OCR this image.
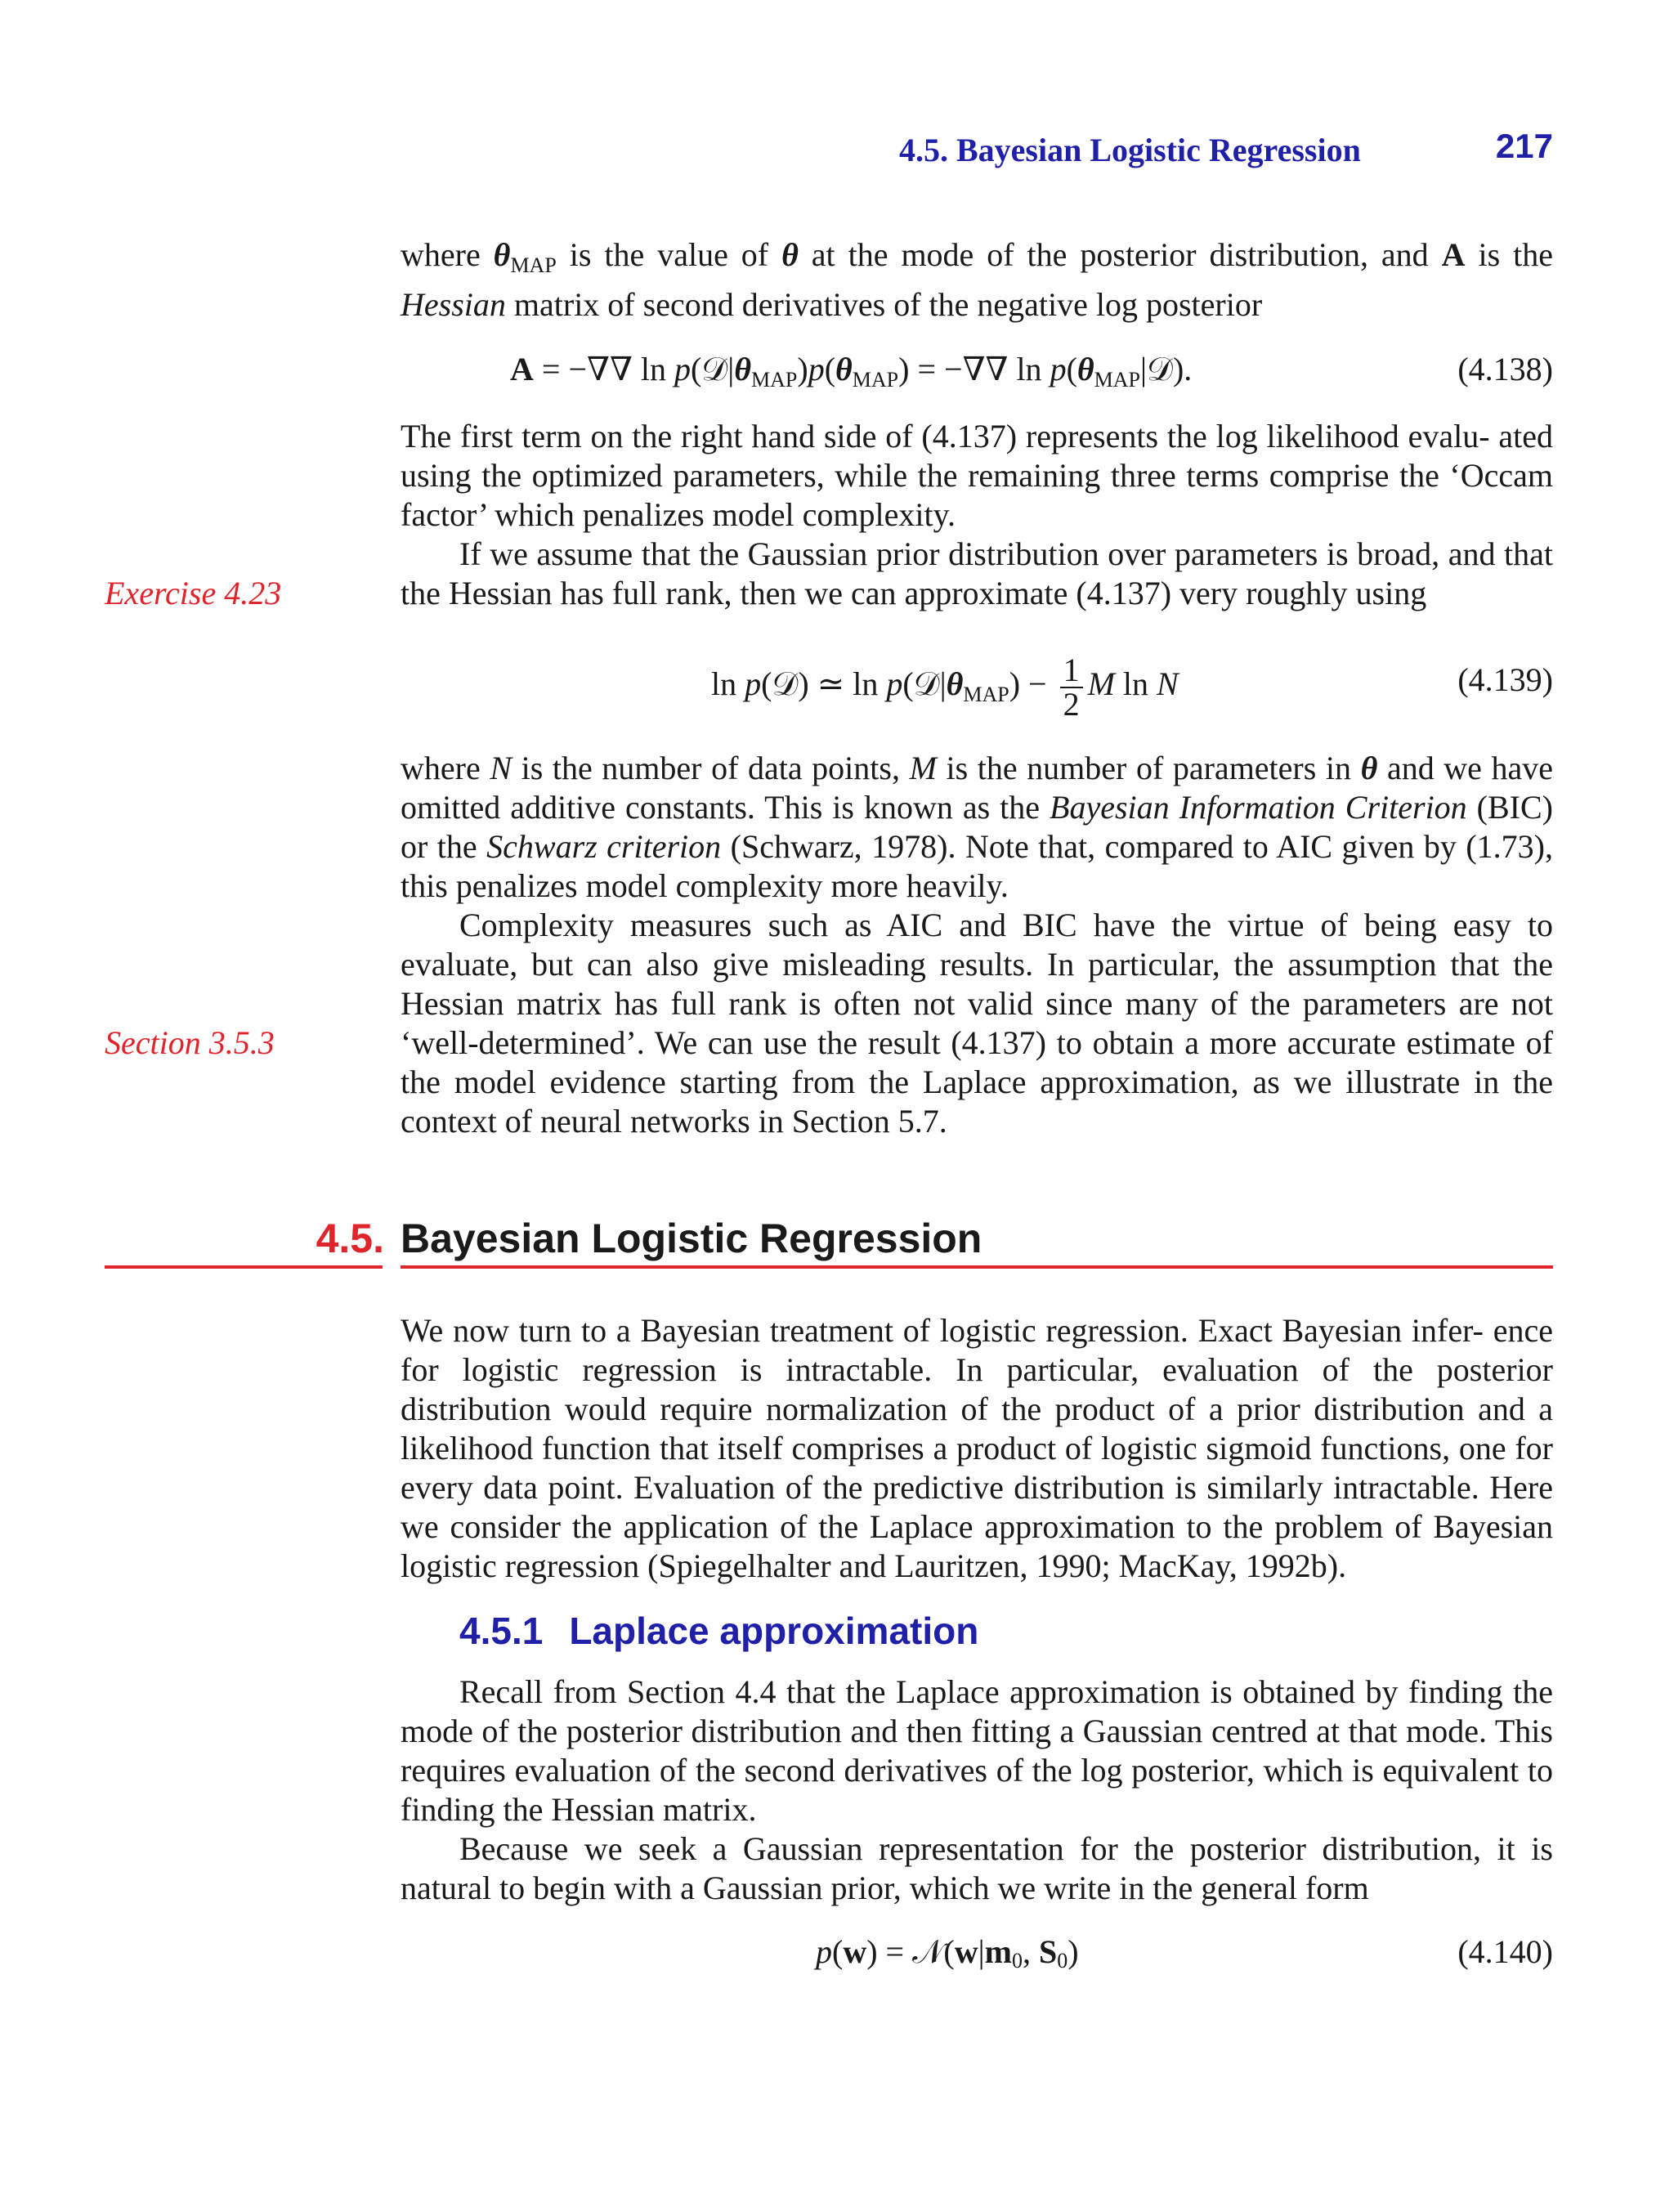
4.5. Bayesian Logistic Regression	217
where $\theta_{MAP}$ is the value of θ at the mode of the posterior distribution, and A is the Hessian matrix of second derivatives of the negative log posterior
A = −∇∇ $\ln p(𝒟|\theta_{MAP})p(\theta_{MAP})$ = −∇∇ $\ln p(\theta_{MAP}|𝒟)$.	(4.138)
The first term on the right hand side of (4.137) represents the log likelihood evalu- ated using the optimized parameters, while the remaining three terms comprise the ‘Occam factor’ which penalizes model complexity.
If we assume that the Gaussian prior distribution over parameters is broad, and that the Hessian has full rank, then we can approximate (4.137) very roughly using
Exercise 4.23
ln p(𝒟) ≃ $\ln p(𝒟|\theta_{MAP}) - \frac{1}{2}$ M ln N	(4.139)
where N is the number of data points, M is the number of parameters in θ and we have omitted additive constants. This is known as the Bayesian Information Criterion (BIC) or the Schwarz criterion (Schwarz, 1978). Note that, compared to AIC given by (1.73), this penalizes model complexity more heavily.
Complexity measures such as AIC and BIC have the virtue of being easy to evaluate, but can also give misleading results. In particular, the assumption that the Hessian matrix has full rank is often not valid since many of the parameters are not ‘well-determined’. We can use the result (4.137) to obtain a more accurate estimate of the model evidence starting from the Laplace approximation, as we illustrate in the context of neural networks in Section 5.7.
Section 3.5.3
4.5. Bayesian Logistic Regression
We now turn to a Bayesian treatment of logistic regression. Exact Bayesian infer- ence for logistic regression is intractable. In particular, evaluation of the posterior distribution would require normalization of the product of a prior distribution and a likelihood function that itself comprises a product of logistic sigmoid functions, one for every data point. Evaluation of the predictive distribution is similarly intractable. Here we consider the application of the Laplace approximation to the problem of Bayesian logistic regression (Spiegelhalter and Lauritzen, 1990; MacKay, 1992b).
4.5.1 Laplace approximation
Recall from Section 4.4 that the Laplace approximation is obtained by finding the mode of the posterior distribution and then fitting a Gaussian centred at that mode. This requires evaluation of the second derivatives of the log posterior, which is equivalent to finding the Hessian matrix.
Because we seek a Gaussian representation for the posterior distribution, it is natural to begin with a Gaussian prior, which we write in the general form
p(w) = 𝒩(w|m0, S0)	(4.140)
